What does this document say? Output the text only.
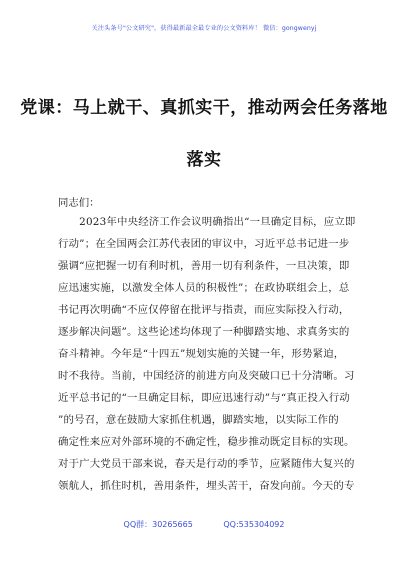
关注头条号"公文研究"，获得最新最全最专业的公文资料库！ 微信：gongwenyj
党课：马上就干、真抓实干，推动两会任务落地
落实
同志们：
　　2023年中央经济工作会议明确指出“一旦确定目标，应立即
行动”；在全国两会江苏代表团的审议中，习近平总书记进一步
强调“应把握一切有利时机，善用一切有利条件，一旦决策，即
应迅速实施，以激发全体人员的积极性”；在政协联组会上，总
书记再次明确“不应仅停留在批评与指责，而应实际投入行动，
逐步解决问题”。这些论述均体现了一种脚踏实地、求真务实的
奋斗精神。今年是“十四五”规划实施的关键一年，形势紧迫，
时不我待。当前，中国经济的前进方向及突破口已十分清晰。习
近平总书记的“一旦确定目标，即应迅速行动”与“真正投入行动
”的号召，意在鼓励大家抓住机遇，脚踏实地，以实际工作的
确定性来应对外部环境的不确定性，稳步推动既定目标的实现。
对于广大党员干部来说，春天是行动的季节，应紧随伟大复兴的
领航人，抓住时机，善用条件，埋头苦干，奋发向前。今天的专
QQ群：30265665	QQ:535304092
